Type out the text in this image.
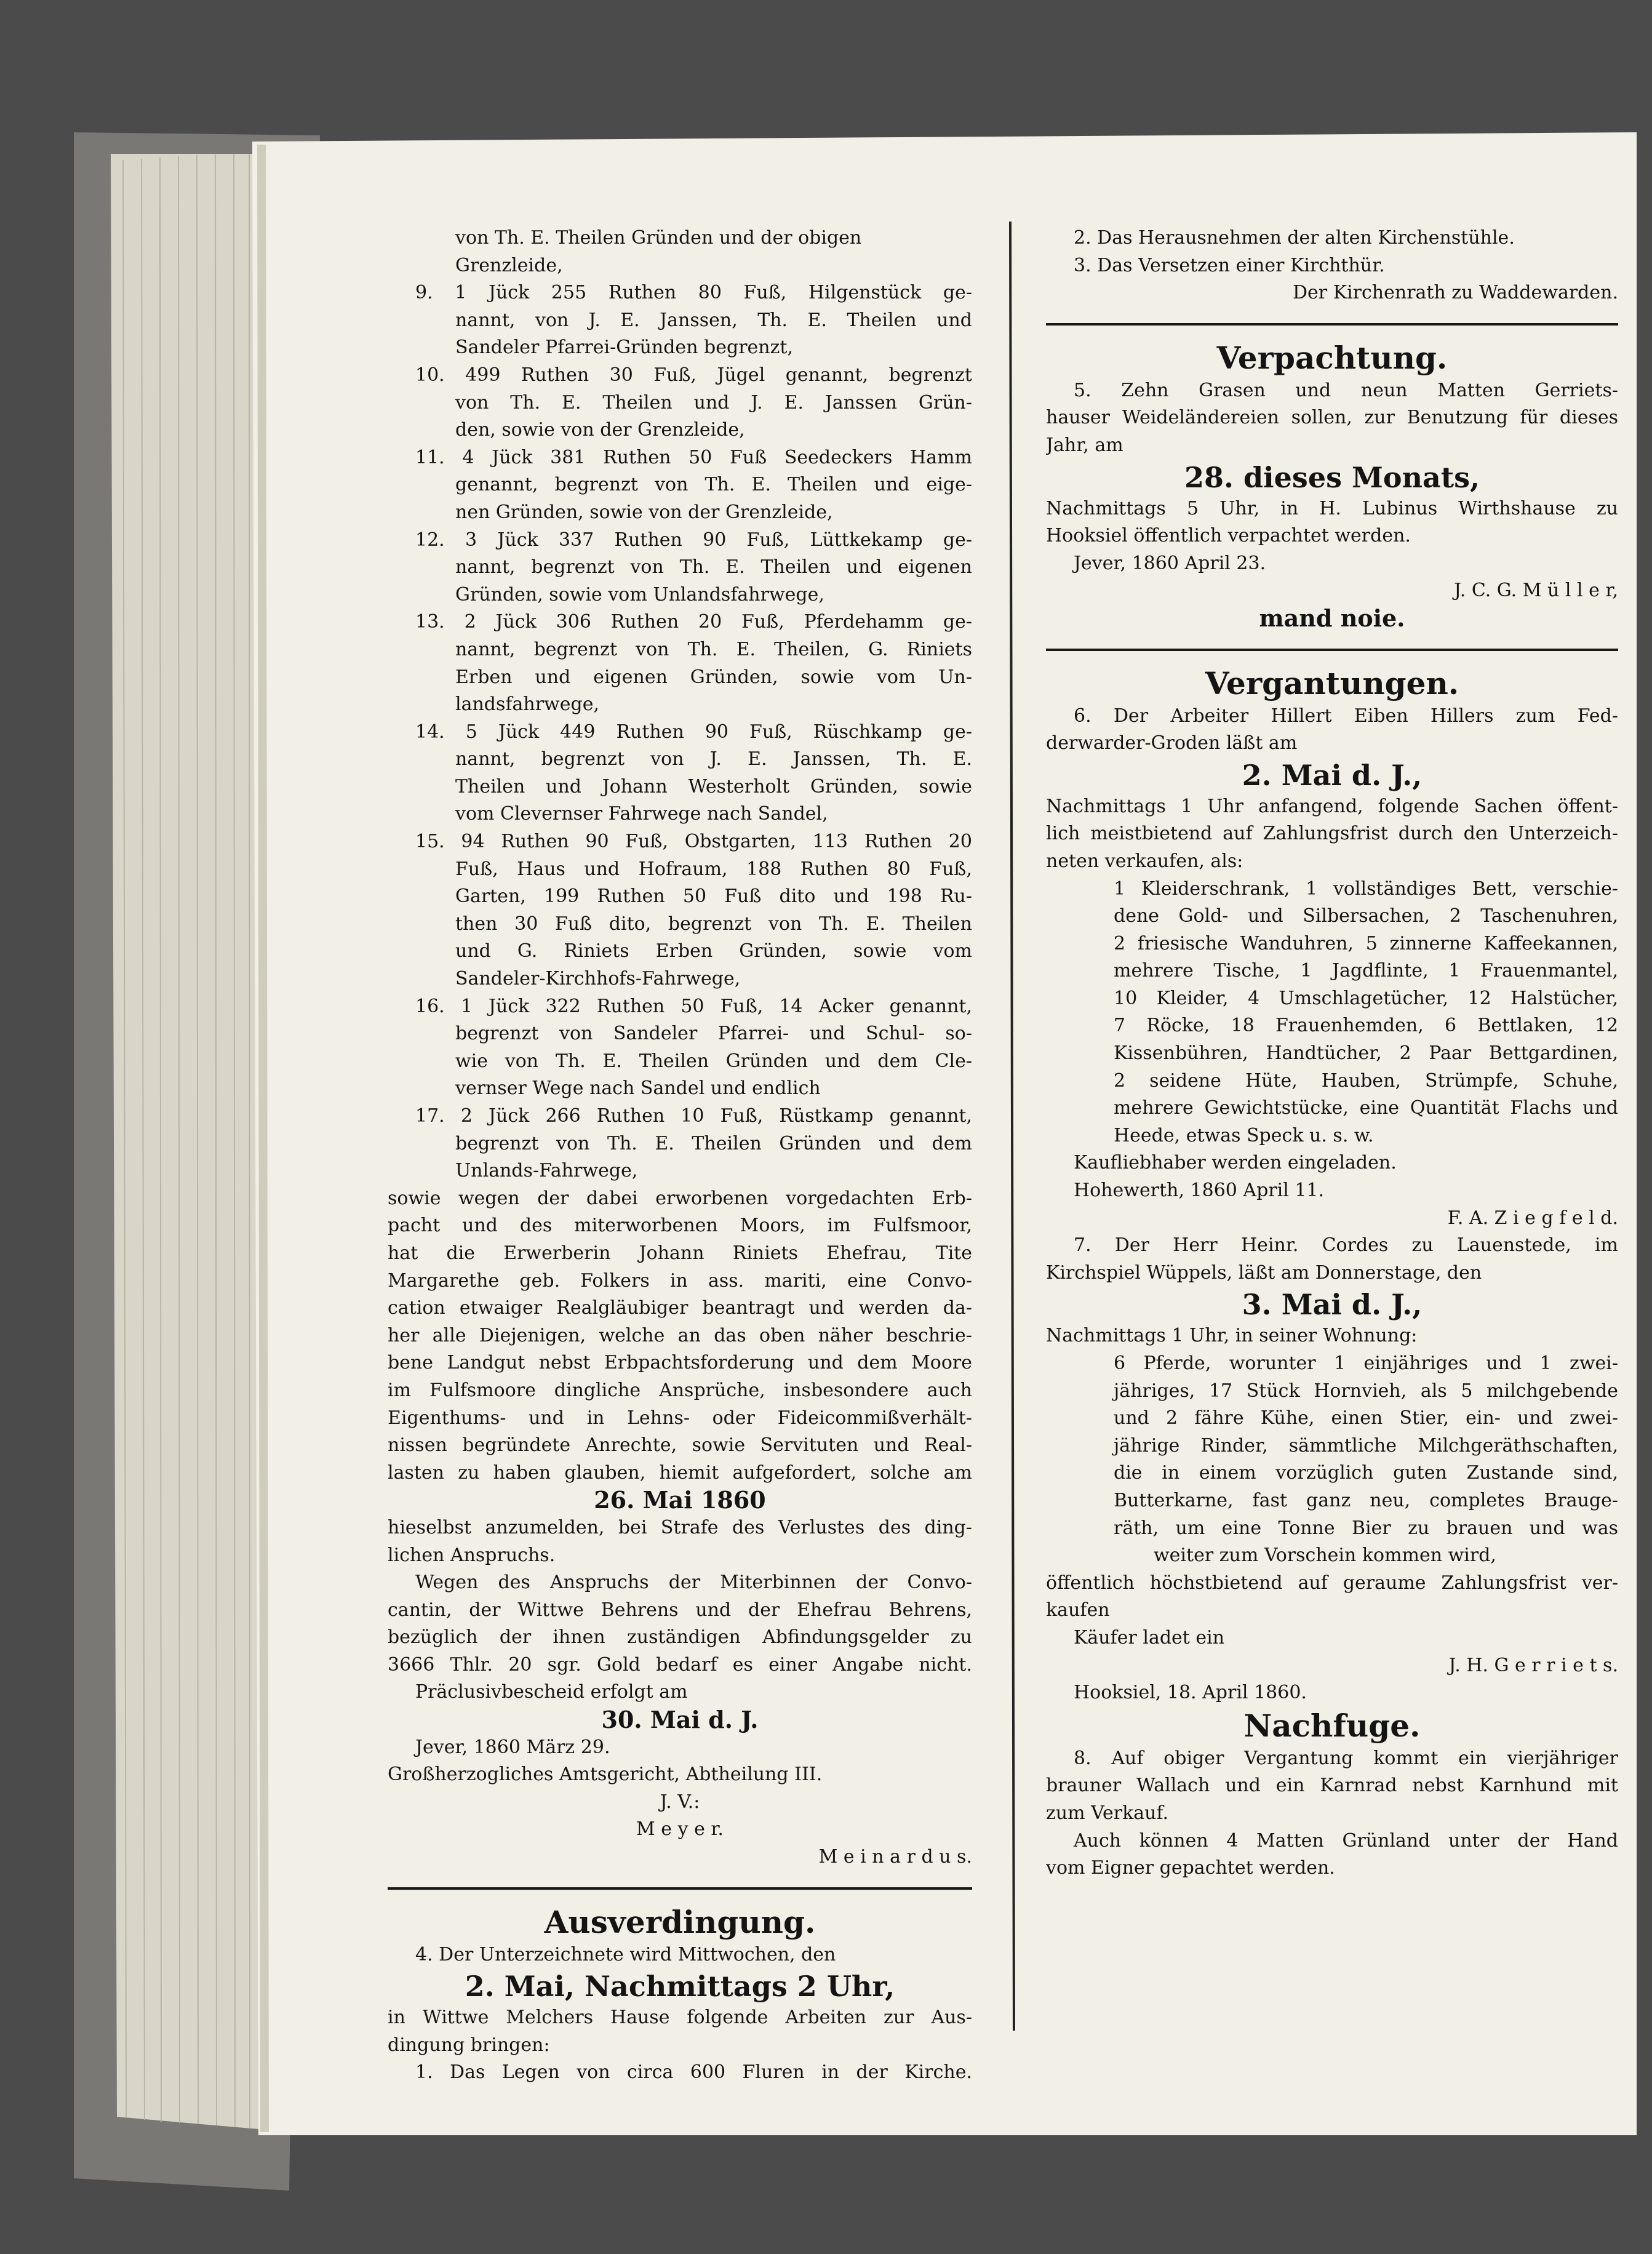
von Th. E. Theilen Gründen und der obigen
Grenzleide,
9. 1 Jück 255 Ruthen 80 Fuß, Hilgenstück ge-
nannt, von J. E. Janssen, Th. E. Theilen und
Sandeler Pfarrei-Gründen begrenzt,
10. 499 Ruthen 30 Fuß, Jügel genannt, begrenzt
von Th. E. Theilen und J. E. Janssen Grün-
den, sowie von der Grenzleide,
11. 4 Jück 381 Ruthen 50 Fuß Seedeckers Hamm
genannt, begrenzt von Th. E. Theilen und eige-
nen Gründen, sowie von der Grenzleide,
12. 3 Jück 337 Ruthen 90 Fuß, Lüttkekamp ge-
nannt, begrenzt von Th. E. Theilen und eigenen
Gründen, sowie vom Unlandsfahrwege,
13. 2 Jück 306 Ruthen 20 Fuß, Pferdehamm ge-
nannt, begrenzt von Th. E. Theilen, G. Riniets
Erben und eigenen Gründen, sowie vom Un-
landsfahrwege,
14. 5 Jück 449 Ruthen 90 Fuß, Rüschkamp ge-
nannt, begrenzt von J. E. Janssen, Th. E.
Theilen und Johann Westerholt Gründen, sowie
vom Clevernser Fahrwege nach Sandel,
15. 94 Ruthen 90 Fuß, Obstgarten, 113 Ruthen 20
Fuß, Haus und Hofraum, 188 Ruthen 80 Fuß,
Garten, 199 Ruthen 50 Fuß dito und 198 Ru-
then 30 Fuß dito, begrenzt von Th. E. Theilen
und G. Riniets Erben Gründen, sowie vom
Sandeler-Kirchhofs-Fahrwege,
16. 1 Jück 322 Ruthen 50 Fuß, 14 Acker genannt,
begrenzt von Sandeler Pfarrei- und Schul- so-
wie von Th. E. Theilen Gründen und dem Cle-
vernser Wege nach Sandel und endlich
17. 2 Jück 266 Ruthen 10 Fuß, Rüstkamp genannt,
begrenzt von Th. E. Theilen Gründen und dem
Unlands-Fahrwege,
sowie wegen der dabei erworbenen vorgedachten Erb-
pacht und des miterworbenen Moors, im Fulfsmoor,
hat die Erwerberin Johann Riniets Ehefrau, Tite
Margarethe geb. Folkers in ass. mariti, eine Convo-
cation etwaiger Realgläubiger beantragt und werden da-
her alle Diejenigen, welche an das oben näher beschrie-
bene Landgut nebst Erbpachtsforderung und dem Moore
im Fulfsmoore dingliche Ansprüche, insbesondere auch
Eigenthums- und in Lehns- oder Fideicommißverhält-
nissen begründete Anrechte, sowie Servituten und Real-
lasten zu haben glauben, hiemit aufgefordert, solche am
26. Mai 1860
hieselbst anzumelden, bei Strafe des Verlustes des ding-
lichen Anspruchs.
Wegen des Anspruchs der Miterbinnen der Convo-
cantin, der Wittwe Behrens und der Ehefrau Behrens,
bezüglich der ihnen zuständigen Abfindungsgelder zu
3666 Thlr. 20 sgr. Gold bedarf es einer Angabe nicht.
Präclusivbescheid erfolgt am
30. Mai d. J.
Jever, 1860 März 29.
Großherzogliches Amtsgericht, Abtheilung III.
J. V.:
M e y e r.
M e i n a r d u s.
Ausverdingung.
4. Der Unterzeichnete wird Mittwochen, den
2. Mai, Nachmittags 2 Uhr,
in Wittwe Melchers Hause folgende Arbeiten zur Aus-
dingung bringen:
1. Das Legen von circa 600 Fluren in der Kirche.
2. Das Herausnehmen der alten Kirchenstühle.
3. Das Versetzen einer Kirchthür.
Der Kirchenrath zu Waddewarden.
Verpachtung.
5. Zehn Grasen und neun Matten Gerriets-
hauser Weideländereien sollen, zur Benutzung für dieses
Jahr, am
28. dieses Monats,
Nachmittags 5 Uhr, in H. Lubinus Wirthshause zu
Hooksiel öffentlich verpachtet werden.
Jever, 1860 April 23.
J. C. G. M ü l l e r,
mand noie.
Vergantungen.
6. Der Arbeiter Hillert Eiben Hillers zum Fed-
derwarder-Groden läßt am
2. Mai d. J.,
Nachmittags 1 Uhr anfangend, folgende Sachen öffent-
lich meistbietend auf Zahlungsfrist durch den Unterzeich-
neten verkaufen, als:
1 Kleiderschrank, 1 vollständiges Bett, verschie-
dene Gold- und Silbersachen, 2 Taschenuhren,
2 friesische Wanduhren, 5 zinnerne Kaffeekannen,
mehrere Tische, 1 Jagdflinte, 1 Frauenmantel,
10 Kleider, 4 Umschlagetücher, 12 Halstücher,
7 Röcke, 18 Frauenhemden, 6 Bettlaken, 12
Kissenbühren, Handtücher, 2 Paar Bettgardinen,
2 seidene Hüte, Hauben, Strümpfe, Schuhe,
mehrere Gewichtstücke, eine Quantität Flachs und
Heede, etwas Speck u. s. w.
Kaufliebhaber werden eingeladen.
Hohewerth, 1860 April 11.
F. A. Z i e g f e l d.
7. Der Herr Heinr. Cordes zu Lauenstede, im
Kirchspiel Wüppels, läßt am Donnerstage, den
3. Mai d. J.,
Nachmittags 1 Uhr, in seiner Wohnung:
6 Pferde, worunter 1 einjähriges und 1 zwei-
jähriges, 17 Stück Hornvieh, als 5 milchgebende
und 2 fähre Kühe, einen Stier, ein- und zwei-
jährige Rinder, sämmtliche Milchgeräthschaften,
die in einem vorzüglich guten Zustande sind,
Butterkarne, fast ganz neu, completes Brauge-
räth, um eine Tonne Bier zu brauen und was
weiter zum Vorschein kommen wird,
öffentlich höchstbietend auf geraume Zahlungsfrist ver-
kaufen
Käufer ladet ein
J. H. G e r r i e t s.
Hooksiel, 18. April 1860.
Nachfuge.
8. Auf obiger Vergantung kommt ein vierjähriger
brauner Wallach und ein Karnrad nebst Karnhund mit
zum Verkauf.
Auch können 4 Matten Grünland unter der Hand
vom Eigner gepachtet werden.
